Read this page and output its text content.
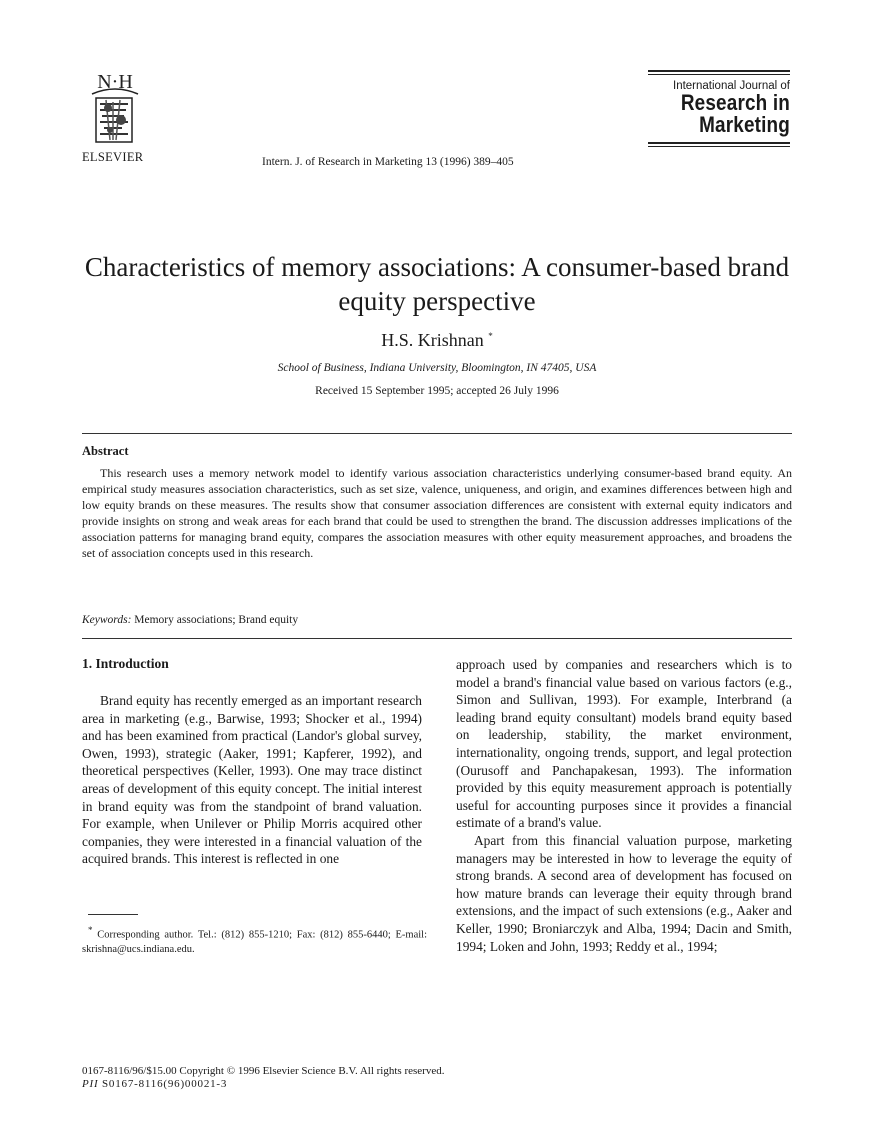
N·H
ELSEVIER	Intern. J. of Research in Marketing 13 (1996) 389–405
International Journal of
Research in
Marketing
Characteristics of memory associations: A consumer-based brand
equity perspective
H.S. Krishnan *
School of Business, Indiana University, Bloomington, IN 47405, USA
Received 15 September 1995; accepted 26 July 1996
Abstract
This research uses a memory network model to identify various association characteristics underlying consumer-based brand equity. An empirical study measures association characteristics, such as set size, valence, uniqueness, and origin, and examines differences between high and low equity brands on these measures. The results show that consumer association differences are consistent with external equity indicators and provide insights on strong and weak areas for each brand that could be used to strengthen the brand. The discussion addresses implications of the association patterns for managing brand equity, compares the association measures with other equity measurement approaches, and broadens the set of association concepts used in this research.
Keywords: Memory associations; Brand equity
1. Introduction

Brand equity has recently emerged as an important research area in marketing (e.g., Barwise, 1993; Shocker et al., 1994) and has been examined from practical (Landor's global survey, Owen, 1993), strategic (Aaker, 1991; Kapferer, 1992), and theoretical perspectives (Keller, 1993). One may trace distinct areas of development of this equity concept. The initial interest in brand equity was from the standpoint of brand valuation. For example, when Unilever or Philip Morris acquired other companies, they were interested in a financial valuation of the acquired brands. This interest is reflected in one

approach used by companies and researchers which is to model a brand's financial value based on various factors (e.g., Simon and Sullivan, 1993). For example, Interbrand (a leading brand equity consultant) models brand equity based on leadership, stability, the market environment, internationality, ongoing trends, support, and legal protection (Ourusoff and Panchapakesan, 1993). The information provided by this equity measurement approach is potentially useful for accounting purposes since it provides a financial estimate of a brand's value.

Apart from this financial valuation purpose, marketing managers may be interested in how to leverage the equity of strong brands. A second area of development has focused on how mature brands can leverage their equity through brand extensions, and the impact of such extensions (e.g., Aaker and Keller, 1990; Broniarczyk and Alba, 1994; Dacin and Smith, 1994; Loken and John, 1993; Reddy et al., 1994;

* Corresponding author. Tel.: (812) 855-1210; Fax: (812) 855-6440; E-mail: skrishna@ucs.indiana.edu.
0167-8116/96/$15.00 Copyright © 1996 Elsevier Science B.V. All rights reserved.
PII S0167-8116(96)00021-3
